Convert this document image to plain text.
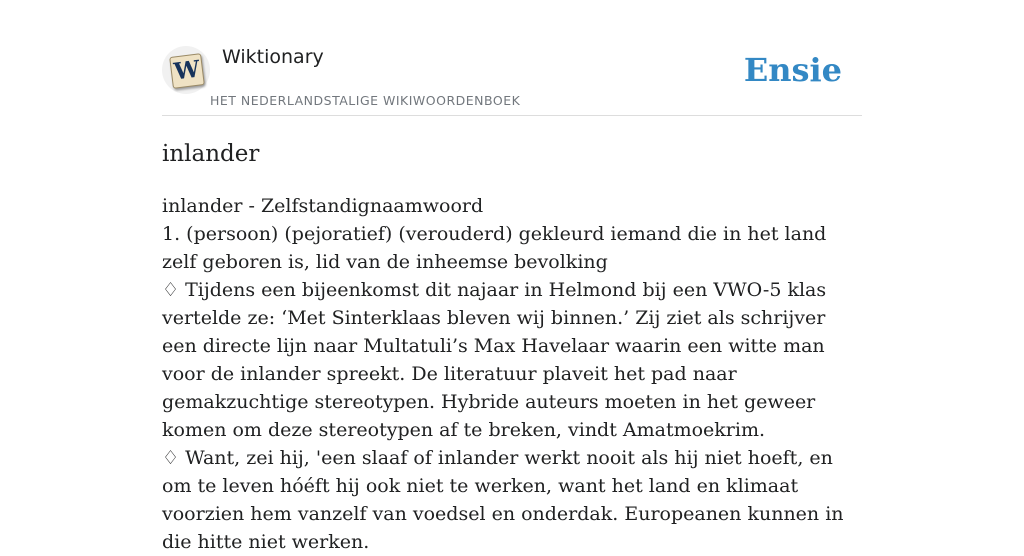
W Wiktionary
HET NEDERLANDSTALIGE WIKIWOORDENBOEK
Ensie
inlander

inlander - Zelfstandignaamwoord

1. (persoon) (pejoratief) (verouderd) gekleurd iemand die in het land zelf geboren is, lid van de inheemse bevolking

♢ Tijdens een bijeenkomst dit najaar in Helmond bij een VWO-5 klas vertelde ze: ‘Met Sinterklaas bleven wij binnen.’ Zij ziet als schrijver een directe lijn naar Multatuli’s Max Havelaar waarin een witte man voor de inlander spreekt. De literatuur plaveit het pad naar gemakzuchtige stereotypen. Hybride auteurs moeten in het geweer komen om deze stereotypen af te breken, vindt Amatmoekrim.

♢ Want, zei hij, 'een slaaf of inlander werkt nooit als hij niet hoeft, en om te leven hóéft hij ook niet te werken, want het land en klimaat voorzien hem vanzelf van voedsel en onderdak. Europeanen kunnen in die hitte niet werken.
